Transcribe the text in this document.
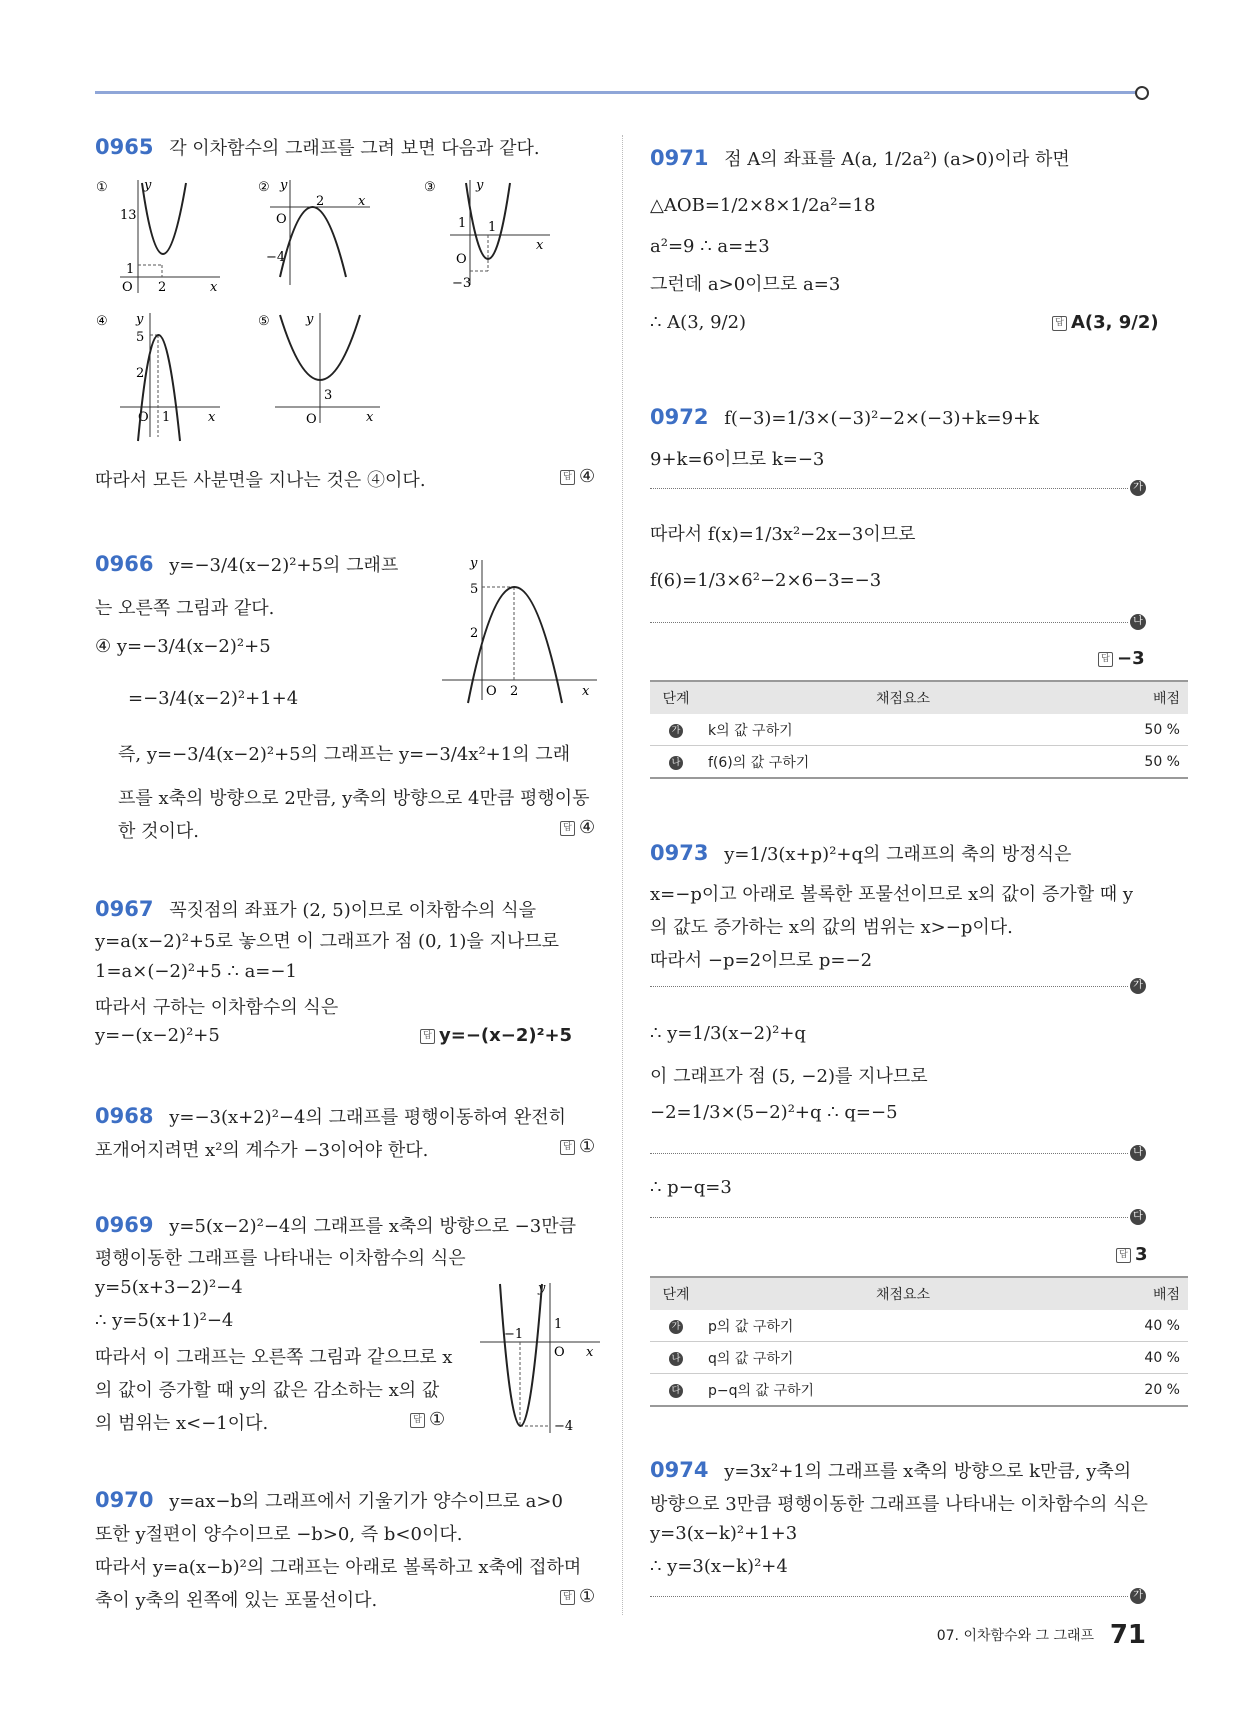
0965 각 이차함수의 그래프를 그려 보면 다음과 같다.
①	y
x
O
13
1
2
② y
x
O
2
−4
③	y
x
O
1 1
−3
④ y
x
O
5
2
1
⑤	y
x
O
3
따라서 모든 사분면을 지나는 것은 ④이다.	답 ④
0966 y=−3/4(x−2)²+5의 그래프
는 오른쪽 그림과 같다.
④ y=−3/4(x−2)²+5
=−3/4(x−2)²+1+4
즉, y=−3/4(x−2)²+5의 그래프는 y=−3/4x²+1의 그래
프를 x축의 방향으로 2만큼, y축의 방향으로 4만큼 평행이동
한 것이다.	답 ④
y
x
O 2
5
2
0967 꼭짓점의 좌표가 (2, 5)이므로 이차함수의 식을
y=a(x−2)²+5로 놓으면 이 그래프가 점 (0, 1)을 지나므로
1=a×(−2)²+5 ∴ a=−1
따라서 구하는 이차함수의 식은
y=−(x−2)²+5	답 y=−(x−2)²+5
0968 y=−3(x+2)²−4의 그래프를 평행이동하여 완전히
포개어지려면 x²의 계수가 −3이어야 한다.	답 ①
0969 y=5(x−2)²−4의 그래프를 x축의 방향으로 −3만큼
평행이동한 그래프를 나타내는 이차함수의 식은
y=5(x+3−2)²−4
∴ y=5(x+1)²−4
따라서 이 그래프는 오른쪽 그림과 같으므로 x
의 값이 증가할 때 y의 값은 감소하는 x의 값
의 범위는 x<−1이다.	답 ①
y
x
O
1
−1
−4
0970 y=ax−b의 그래프에서 기울기가 양수이므로 a>0
또한 y절편이 양수이므로 −b>0, 즉 b<0이다.
따라서 y=a(x−b)²의 그래프는 아래로 볼록하고 x축에 접하며
축이 y축의 왼쪽에 있는 포물선이다.	답 ①
0971 점 A의 좌표를 A(a, 1/2a²) (a>0)이라 하면
△AOB=1/2×8×1/2a²=18
a²=9 ∴ a=±3
그런데 a>0이므로 a=3
∴ A(3, 9/2)	답 A(3, 9/2)
0972 f(−3)=1/3×(−3)²−2×(−3)+k=9+k
9+k=6이므로 k=−3
가
따라서 f(x)=1/3x²−2x−3이므로
f(6)=1/3×6²−2×6−3=−3
나
답 −3
단계	채점요소	배점
가	k의 값 구하기	50 %
나	f(6)의 값 구하기	50 %
0973 y=1/3(x+p)²+q의 그래프의 축의 방정식은
x=−p이고 아래로 볼록한 포물선이므로 x의 값이 증가할 때 y
의 값도 증가하는 x의 값의 범위는 x>−p이다.
따라서 −p=2이므로 p=−2
가
∴ y=1/3(x−2)²+q
이 그래프가 점 (5, −2)를 지나므로
−2=1/3×(5−2)²+q ∴ q=−5
나
∴ p−q=3
다
답 3
단계	채점요소	배점
가	p의 값 구하기	40 %
나	q의 값 구하기	40 %
다	p−q의 값 구하기	20 %
0974 y=3x²+1의 그래프를 x축의 방향으로 k만큼, y축의
방향으로 3만큼 평행이동한 그래프를 나타내는 이차함수의 식은
y=3(x−k)²+1+3
∴ y=3(x−k)²+4
가
07. 이차함수와 그 그래프 71
